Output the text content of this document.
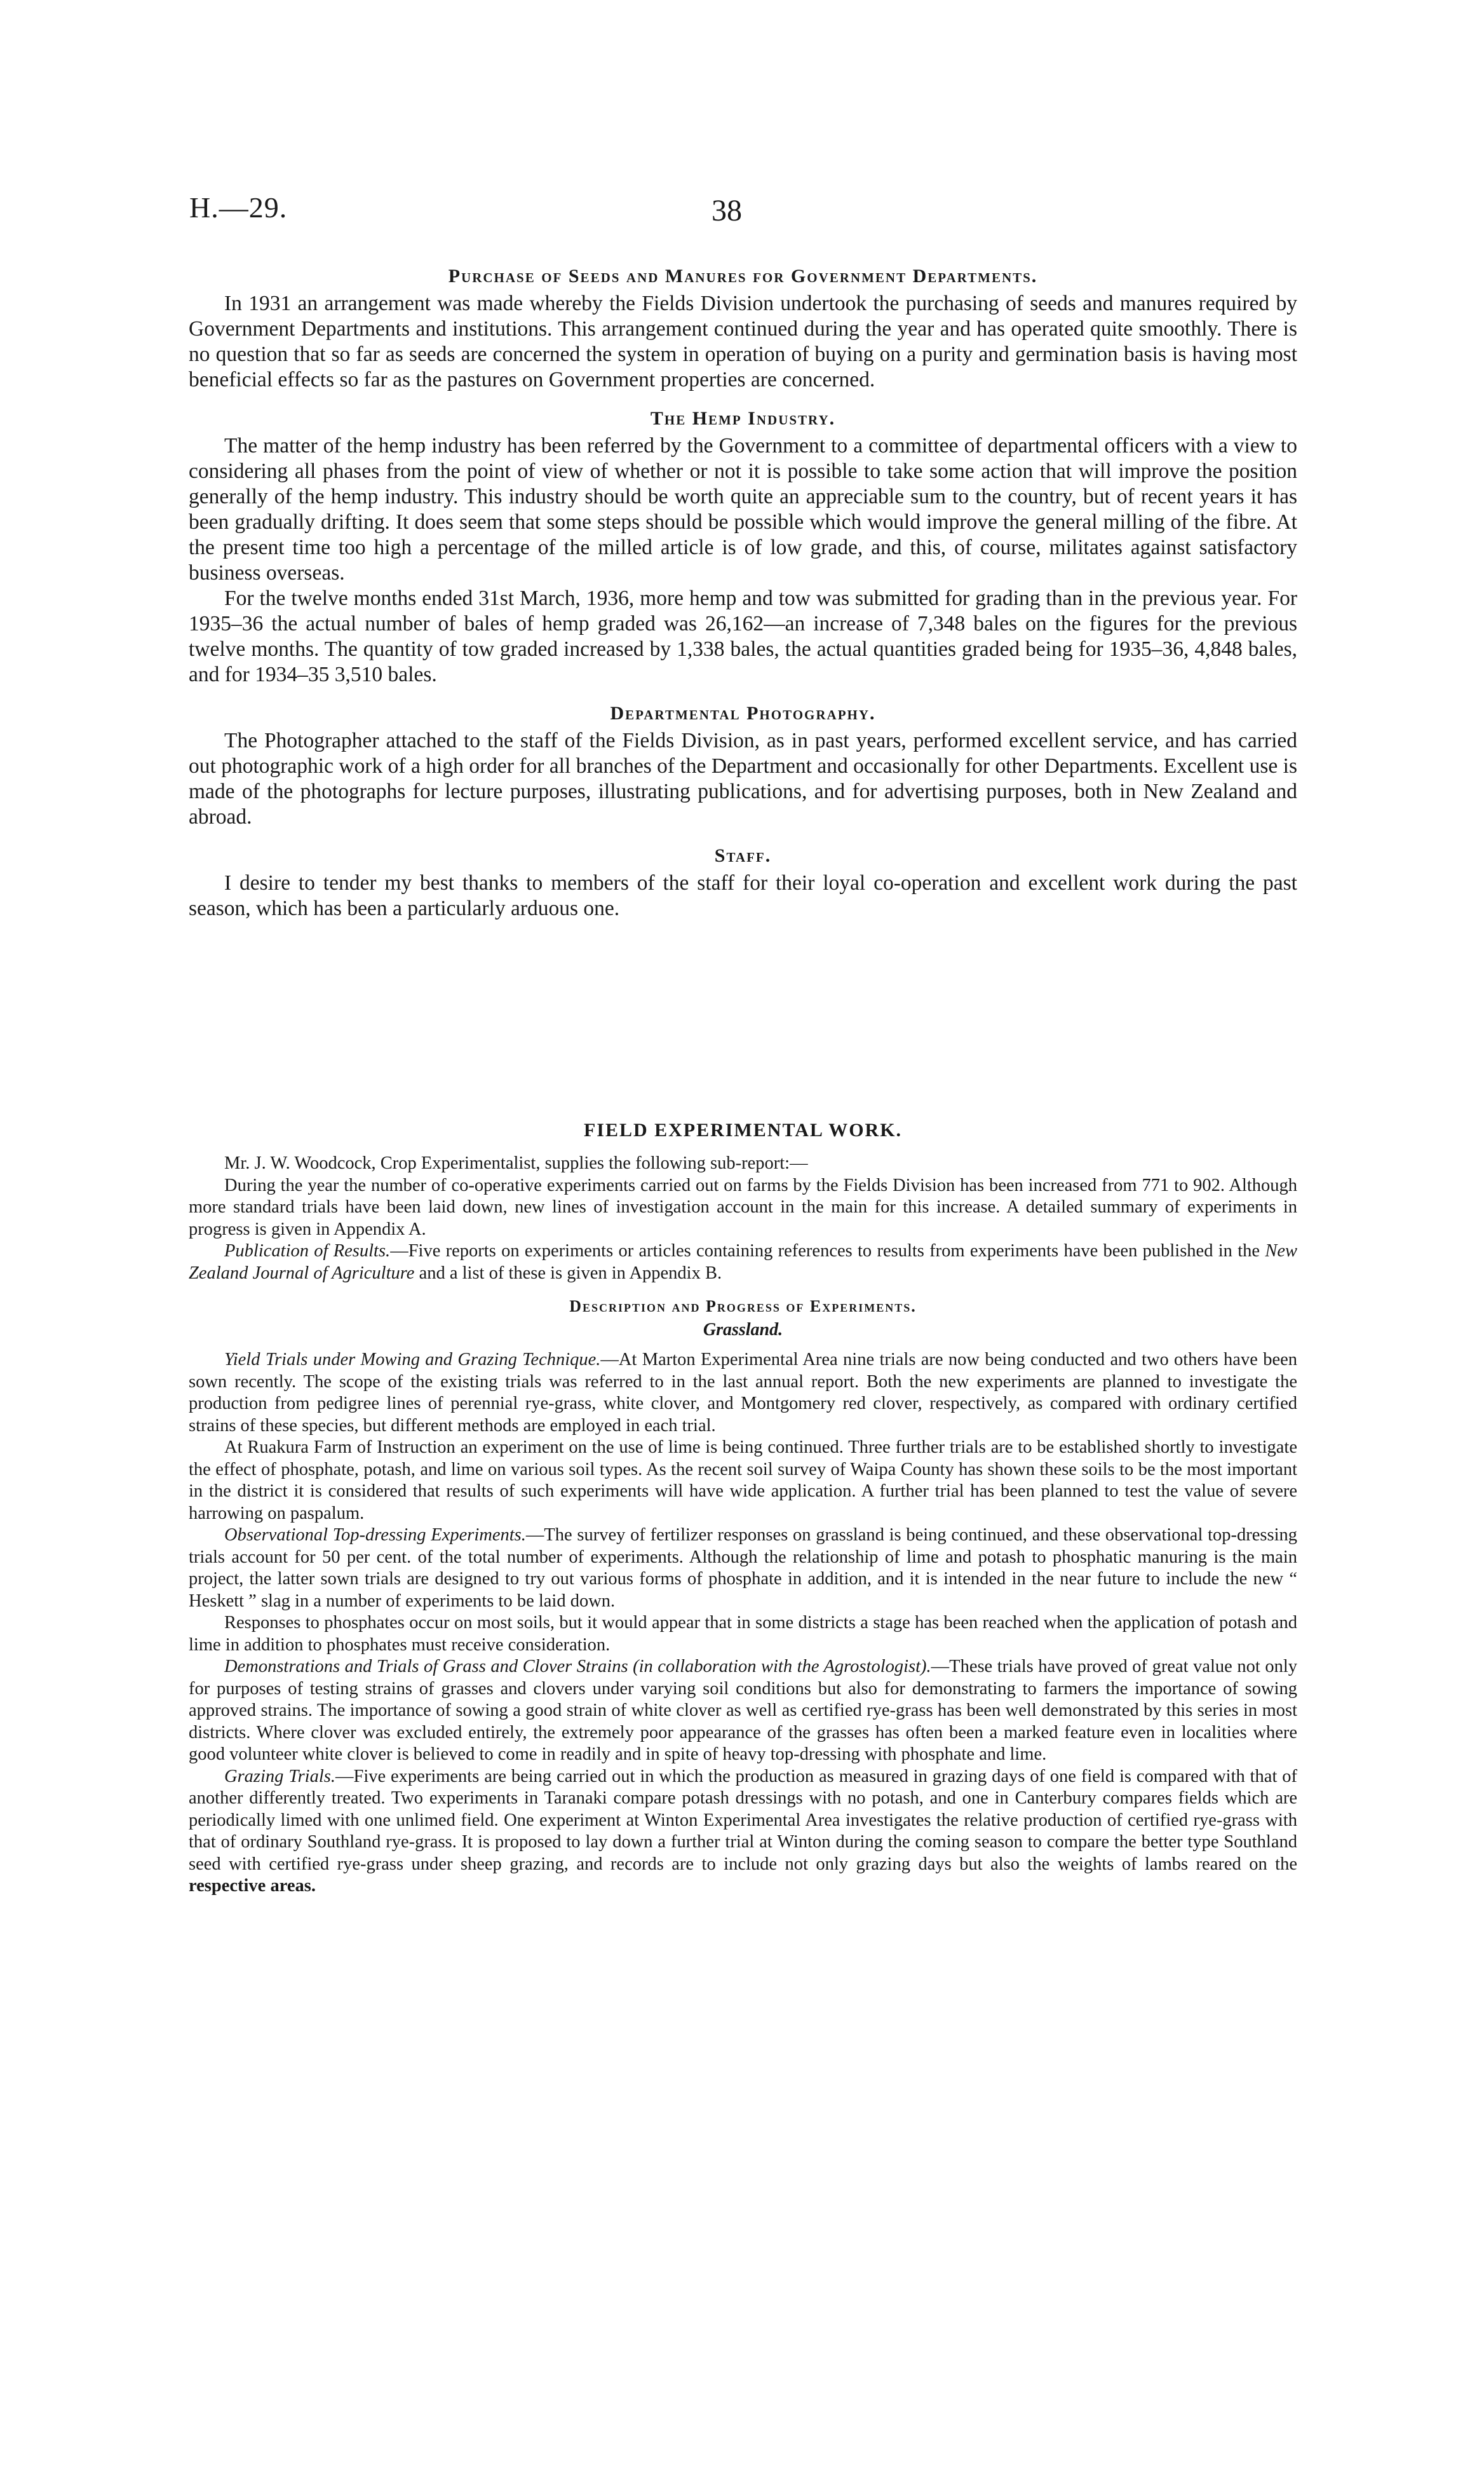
H.—29.	38
Purchase of Seeds and Manures for Government Departments.

In 1931 an arrangement was made whereby the Fields Division undertook the purchasing of seeds and manures required by Government Departments and institutions. This arrangement continued during the year and has operated quite smoothly. There is no question that so far as seeds are concerned the system in operation of buying on a purity and germination basis is having most beneficial effects so far as the pastures on Government properties are concerned.

The Hemp Industry.

The matter of the hemp industry has been referred by the Government to a committee of departmental officers with a view to considering all phases from the point of view of whether or not it is possible to take some action that will improve the position generally of the hemp industry. This industry should be worth quite an appreciable sum to the country, but of recent years it has been gradually drifting. It does seem that some steps should be possible which would improve the general milling of the fibre. At the present time too high a percentage of the milled article is of low grade, and this, of course, militates against satisfactory business overseas.

For the twelve months ended 31st March, 1936, more hemp and tow was submitted for grading than in the previous year. For 1935–36 the actual number of bales of hemp graded was 26,162—an increase of 7,348 bales on the figures for the previous twelve months. The quantity of tow graded increased by 1,338 bales, the actual quantities graded being for 1935–36, 4,848 bales, and for 1934–35 3,510 bales.

Departmental Photography.

The Photographer attached to the staff of the Fields Division, as in past years, performed excellent service, and has carried out photographic work of a high order for all branches of the Department and occasionally for other Departments. Excellent use is made of the photographs for lecture purposes, illustrating publications, and for advertising purposes, both in New Zealand and abroad.

Staff.

I desire to tender my best thanks to members of the staff for their loyal co-operation and excellent work during the past season, which has been a particularly arduous one.

FIELD EXPERIMENTAL WORK.

Mr. J. W. Woodcock, Crop Experimentalist, supplies the following sub-report:—

During the year the number of co-operative experiments carried out on farms by the Fields Division has been increased from 771 to 902. Although more standard trials have been laid down, new lines of investigation account in the main for this increase. A detailed summary of experiments in progress is given in Appendix A.

Publication of Results.—Five reports on experiments or articles containing references to results from experiments have been published in the New Zealand Journal of Agriculture and a list of these is given in Appendix B.

Description and Progress of Experiments.
Grassland.

Yield Trials under Mowing and Grazing Technique.—At Marton Experimental Area nine trials are now being conducted and two others have been sown recently. The scope of the existing trials was referred to in the last annual report. Both the new experiments are planned to investigate the production from pedigree lines of perennial rye-grass, white clover, and Montgomery red clover, respectively, as compared with ordinary certified strains of these species, but different methods are employed in each trial.

At Ruakura Farm of Instruction an experiment on the use of lime is being continued. Three further trials are to be established shortly to investigate the effect of phosphate, potash, and lime on various soil types. As the recent soil survey of Waipa County has shown these soils to be the most important in the district it is considered that results of such experiments will have wide application. A further trial has been planned to test the value of severe harrowing on paspalum.

Observational Top-dressing Experiments.—The survey of fertilizer responses on grassland is being continued, and these observational top-dressing trials account for 50 per cent. of the total number of experiments. Although the relationship of lime and potash to phosphatic manuring is the main project, the latter sown trials are designed to try out various forms of phosphate in addition, and it is intended in the near future to include the new “ Heskett ” slag in a number of experiments to be laid down.

Responses to phosphates occur on most soils, but it would appear that in some districts a stage has been reached when the application of potash and lime in addition to phosphates must receive consideration.

Demonstrations and Trials of Grass and Clover Strains (in collaboration with the Agrostologist).—These trials have proved of great value not only for purposes of testing strains of grasses and clovers under varying soil conditions but also for demonstrating to farmers the importance of sowing approved strains. The importance of sowing a good strain of white clover as well as certified rye-grass has been well demonstrated by this series in most districts. Where clover was excluded entirely, the extremely poor appearance of the grasses has often been a marked feature even in localities where good volunteer white clover is believed to come in readily and in spite of heavy top-dressing with phosphate and lime.

Grazing Trials.—Five experiments are being carried out in which the production as measured in grazing days of one field is compared with that of another differently treated. Two experiments in Taranaki compare potash dressings with no potash, and one in Canterbury compares fields which are periodically limed with one unlimed field. One experiment at Winton Experimental Area investigates the relative production of certified rye-grass with that of ordinary Southland rye-grass. It is proposed to lay down a further trial at Winton during the coming season to compare the better type Southland seed with certified rye-grass under sheep grazing, and records are to include not only grazing days but also the weights of lambs reared on the respective areas.
